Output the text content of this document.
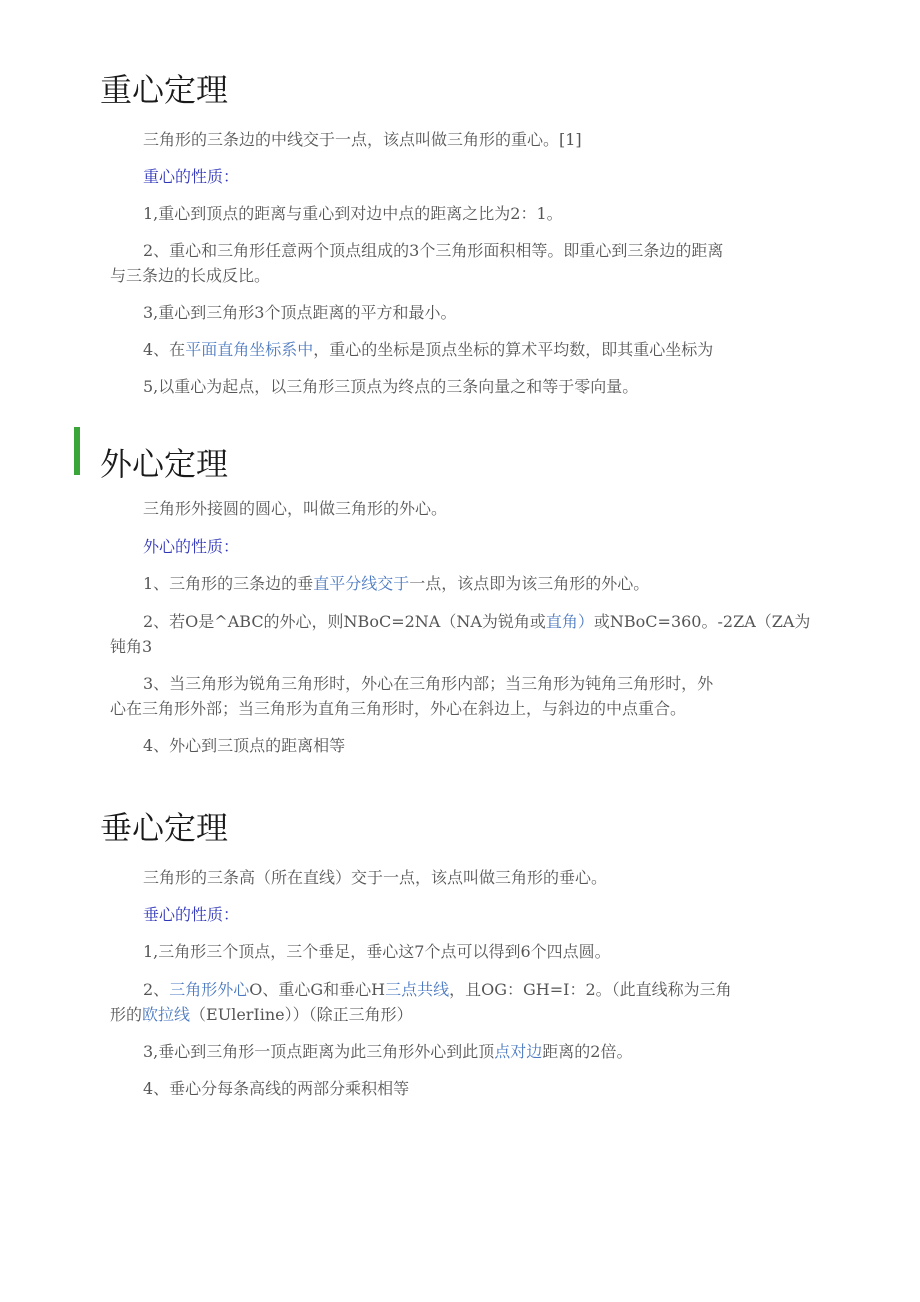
重心定理

三角形的三条边的中线交于一点，该点叫做三角形的重心。[1]

重心的性质：

1,重心到顶点的距离与重心到对边中点的距离之比为2：1。

2、重心和三角形任意两个顶点组成的3个三角形面积相等。即重心到三条边的距离

与三条边的长成反比。

3,重心到三角形3个顶点距离的平方和最小。

4、在平面直角坐标系中，重心的坐标是顶点坐标的算术平均数，即其重心坐标为

5,以重心为起点，以三角形三顶点为终点的三条向量之和等于零向量。

外心定理

三角形外接圆的圆心，叫做三角形的外心。

外心的性质：

1、三角形的三条边的垂直平分线交于一点，该点即为该三角形的外心。

2、若O是^ABC的外心，则NBoC=2NA（NA为锐角或直角）或NBoC=360。-2ZA（ZA为

钝角3

3、当三角形为锐角三角形时，外心在三角形内部；当三角形为钝角三角形时，外

心在三角形外部；当三角形为直角三角形时，外心在斜边上，与斜边的中点重合。

4、外心到三顶点的距离相等

垂心定理

三角形的三条高（所在直线）交于一点，该点叫做三角形的垂心。

垂心的性质：

1,三角形三个顶点，三个垂足，垂心这7个点可以得到6个四点圆。

2、三角形外心O、重心G和垂心H三点共线，且OG：GH=I：2。（此直线称为三角

形的欧拉线（EUlerIine））（除正三角形）

3,垂心到三角形一顶点距离为此三角形外心到此顶点对边距离的2倍。

4、垂心分每条高线的两部分乘积相等
